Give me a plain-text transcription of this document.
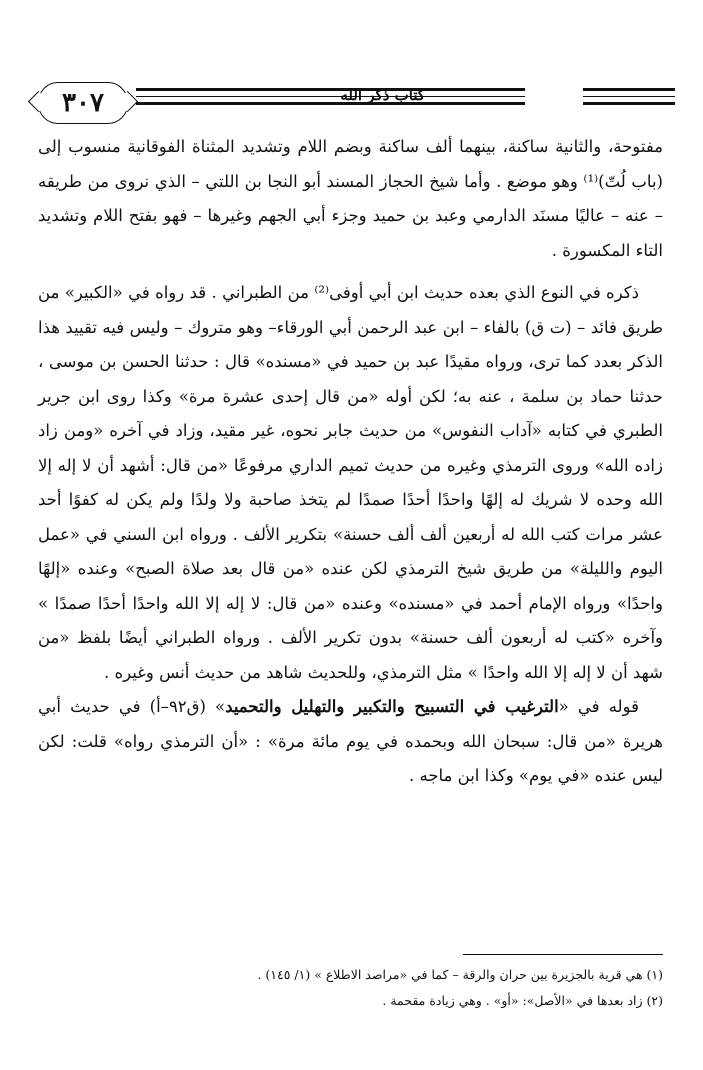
٣٠٧	كتاب ذكر الله

مفتوحة، والثانية ساكنة، بينهما ألف ساكنة وبضم اللام وتشديد المثناة الفوقانية منسوب إلى (باب لُتّ)⁽¹⁾ وهو موضع . وأما شيخ الحجاز المسند أبو النجا بن اللتي – الذي نروى من طريقه – عنه – عاليًا مسنَد الدارمي وعبد بن حميد وجزء أبي الجهم وغيرها – فهو بفتح اللام وتشديد التاء المكسورة .

ذكره في النوع الذي بعده حديث ابن أبي أوفى⁽²⁾ من الطبراني . قد رواه في «الكبير» من طريق فائد – (ت ق) بالفاء – ابن عبد الرحمن أبي الورقاء– وهو متروك – وليس فيه تقييد هذا الذكر بعدد كما ترى، ورواه مقيدًا عبد بن حميد في «مسنده» قال : حدثنا الحسن بن موسى ، حدثنا حماد بن سلمة ، عنه به؛ لكن أوله «من قال إحدى عشرة مرة» وكذا روى ابن جرير الطبري في كتابه «آداب النفوس» من حديث جابر نحوه، غير مقيد، وزاد في آخره «ومن زاد زاده الله» وروى الترمذي وغيره من حديث تميم الداري مرفوعًا «من قال: أشهد أن لا إله إلا الله وحده لا شريك له إلهًا واحدًا أحدًا صمدًا لم يتخذ صاحبة ولا ولدًا ولم يكن له كفوًا أحد عشر مرات كتب الله له أربعين ألف ألف حسنة» بتكرير الألف . ورواه ابن السني في «عمل اليوم والليلة» من طريق شيخ الترمذي لكن عنده «من قال بعد صلاة الصبح» وعنده «إلهًا واحدًا» ورواه الإمام أحمد في «مسنده» وعنده «من قال: لا إله إلا الله واحدًا أحدًا صمدًا » وآخره «كتب له أربعون ألف حسنة» بدون تكرير الألف . ورواه الطبراني أيضًا بلفظ «من شهد أن لا إله إلا الله واحدًا » مثل الترمذي، وللحديث شاهد من حديث أنس وغيره .

قوله في «الترغيب في التسبيح والتكبير والتهليل والتحميد» (ق٩٢–أ) في حديث أبي هريرة «من قال: سبحان الله وبحمده في يوم مائة مرة» : «أن الترمذي رواه» قلت: لكن ليس عنده «في يوم» وكذا ابن ماجه .

(١) هي قرية بالجزيرة بين حران والرقة – كما في «مراصد الاطلاع » (١/ ١٤٥) .
(٢) زاد بعدها في «الأصل»: «أو» . وهي زيادة مقحمة .
